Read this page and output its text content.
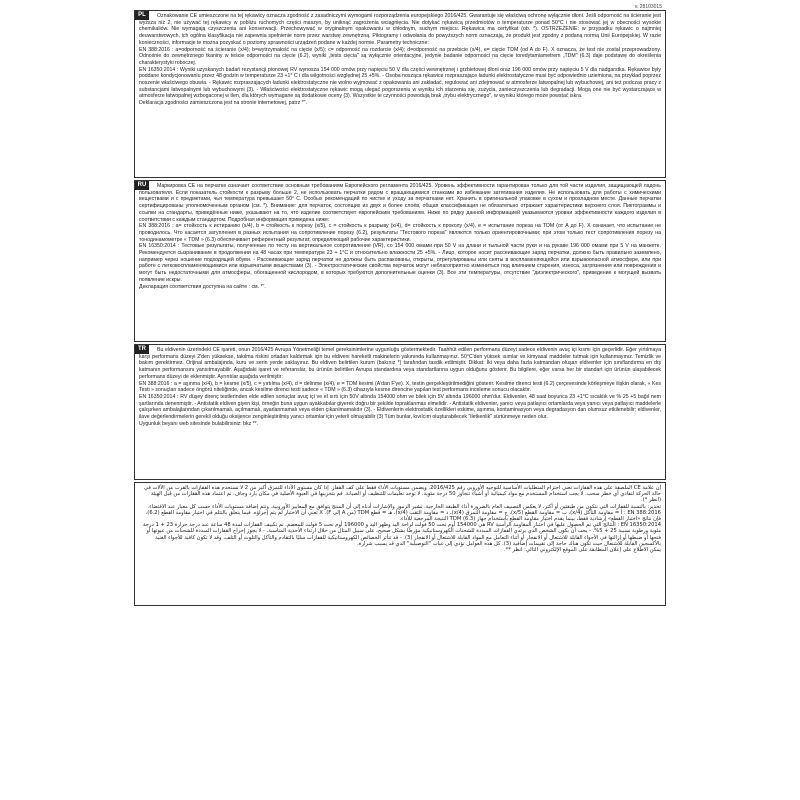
v. 28103015
PL	Oznakowanie CE umieszczone na tej rękawicy oznacza zgodność z zasadniczymi wymogami rozporządzenia europejskiego 2016/425. Gwarantuje się właściwą ochronę wyłącznie dłoni. Jeśli odporność na ścieranie jest wyższa niż 2, nie używać tej rękawicy w pobliżu ruchomych części maszyn, by uniknąć zagrożenia wciągnięcia. Nie dotykać rękawicą przedmiotów o temperaturze ponad 50°C i nie stosować jej w obecności wysokie chemikaliów. Nie wymagają czyszczenia ani konserwacji. Przechowywać w oryginalnym opakowaniu w chłodnym, suchym miejscu. Rękawica ma certyfikat (ob. *). OSTRZEŻENIE: w przypadku rękawic o najmniej deuwarstwowych, ich ogólna klasyfikacja nie zapewnia spełnienie norm przez warstwę zewnętrzną. Piktogramy i odwołania do powyższych norm oznaczają, że produkt jest zgodny z podaną normą Unii Europejskiej. W razie konieczności, informacje te można pozyskać o poziomy sprawności urządzeń podane w każdej normie. Parametry techniczne:

EN 388:2016 : a=odporność na ścieranie (x/4); b=wytrzymałość na cięcie (x/5); c= odporność na rozdarcie (x/4); d=odporność na przebicie (x/4), e= cięcie TDM (od A do F). X oznacza, że test nie został przeprowadzony. Odnośnie do zewnętrznego tkaniny w teście odporności na cięcie (6.2), wyniki „tests cięcia" są wyłącznie orientacyjne, jedynie badanie odporności na cięcie toredytamiametrem „TDM" (6.3) daje podstawę do określenia charakterystyki roboczej.

EN 16350:2014 : Wyniki uzyskanych badań rezystancji pionowej RV wynosza 154 000 omów przy napięciu 50 V dla części wewnętrznej i grzbietowej dłoni oraz 196 000 omów przy napięciu 5 V dla nadgarstka. Rękawice były poddane kondycjonowaniu przez 48 godzin w temperaturze 23 +1° C i dla wilgotności względnej 25 +5%. - Osoba nosząca rękawice rozpraszające ładunki elektrostatyczne musi być odpowiednio uziemiona, na przykład poprzez noszenie właściwego obuwia. - Rękawic rozpraszających ładunki elektrostatyczne nie wolno wyjmować z opakowania ani zakładać, regulować ani zdejmować w atmosferze łatwopalnej lub wybuchowej, ani też podczas pracy z substancjami łatwopalnymi lub wybuchowymi (3). - Właściwości elektrostatyczne rękawic mogą ulegać pogorszeniu w wyniku ich starzenia się, zużycia, zanieczyszczenia lub degradacji. Mogą one nie być wystarczające w atmosferze łatwopalnej wzbogaconej w tlen, dla których wymagane są dodatkowe oceny (3). Wszystkie te czynności powodują brak „trybu elektrycznego", w wyniku którego może powstać iskra.

Deklaracja zgodności zamieszczona jest na stronie internetowej, patrz *".

RU	Маркировка СЕ на перчатке означает соответствие основным требованиям Европейского регламента 2016/425. Уровень эффективности гарантирован только для той части изделия, защищающей ладонь пользователя. Если показатель стойкости к разрыву больше 2, не использовать перчатки рядом с вращающимися станками во избежание затягивания изделия. Не использовать для работы с химическими веществами и с предметами, чья температура превышает 50° С. Особых рекомендаций по чистке и уходу за перчатками нет. Хранить в оригинальной упаковке в сухом и прохладном месте. Данные перчатки сертифицированы уполномоченным органом (см. *). Внимание: для перчаток, состоящих из двух и более слоёв, общая классификация не обязательно отражает характеристики верхнего слоя. Пиктограммы и ссылки на стандарты, приведённые ниже, указывают на то, что изделие соответствует европейским требованиям. Ниже по рядку данной информацией указываются уровни эффективности каждого изделия в соответствии с каждым стандартом. Подробная информация приведена ниже:

EN 388:2016 : a= стойкость к истиранию (x/4), b = стойкость к порезу (x/5), c = стойкость к разрыву (x/4), d= стойкость к проколу (x/4), e = испытание пореза на TDM (от A до F). X означает, что испытание не проводилось. Что касается затупления в разных испытания на сопротивление порезу (6.2), результаты "Тестового пореза" являются только ориентировочными; при этом только тест сопротивления порезу на тонодинамометре « TDM » (6.3) обеспечивает референтный результат, определяющий рабочие характеристики.

EN 16350:2014 : Тестовые результаты, полученные по тесту на вертикальное сопротивление (VR), со 154 000 омами при 50 V на длани и тыльной части руки и на рукаве 196 000 омами при 5 V на манжете. Рекомендуется сызранивание в продолжении на 48 часах при температуре 23 + 1°С и относительно влажности 25 +5%. - Лицо, которое носит рассеивающие заряд перчатки, должно быть правильно заземлено, например через ношение подходящей обуви. - Рассеивающие заряд перчатки не должны быть распакованы, открыты, отрегулированы или сняты в воспламеняющейся или взрывоопасной атмосфере, или при работе с легковоспламеняющимися или взрывчатыми веществами (3). - Электростатические свойства перчаток могут неблагоприятно измениться под влиянием старения, износа, загрязнения или повреждения и могут быть недостаточными для атмосферы, обогащенной кислородом, в которых требуются дополнительные оценки (3). Все эти температуры, отсутствие "диэлектрического", приведение к могущей вызвать появление искры.

Декларация соответствия доступна на сайте : см. *".

TR	Bu eldivenin üzerindeki CE işareti, onun 2016/425 Avrupa Yönetmeliği temel gereksinimlerine uygunluğu göstermektedir. Taahhüt edilen performans düzeyi sadece eldivenin avuç içi kısmı için geçerlidir. Eğer yırtılmaya karşı performans düzeyi 2'den yüksekse, takılma riskini ortadan kaldırmak için bu eldiveni hareketli makinelerin yakınında kullanmayınız. 50°C'den yüksek ısımlar ve kimyasal maddeler tutmak için kullanmayınız. Temizlik ve bakım gerektirmez. Orijinal ambalajında, kuru ve serin yerde saklayınız. Bu eldiven belirtilen kurum (bakınız *) tarafından tasdik edilmiştir. Dikkat: İki veya daha fazla katmandan oluşan eldivenler için sınıflandırma en dış katmanın performansını yansıtmayabilir. Aşağıdaki işaret ve referanslar, bu ürünün belirtilen Avrupa standardına veya standartlarına uygun olduğunu gösterir. Bu bilgilere, eğer varsa her bir standart için ürünün ulaşabilecek performans düzeyi de eklenmiştir. Ayrıntılar aşağıda verilmiştir:

EN 388:2016 : a = aşınma (x/4), b = kesme (x/5), c = yırtılma (x/4), d = delinme (x/4), e = TDM kesimi (A'dan F'ye). X, testin gerçekleştirilmediğini gösterir. Kesilme direnci testi (6.2) çerçevesinde körleşmeye ilişkin olarak, « Kes Testi » sonuçları sadece öngörü niteliğinde, ancak kesilme direnci testi sadece « TDM » (6.3) cihazıyla kesme direncine yapılan test performans inceleme sonucu olacaktır.

EN 16350:2014 : RV düşey direnç testlerinden elde edilen sonuçlar avuç içi ve el sırtı için 50V altında 154000 ohm ve bilek için 5V altında 196000 ohm'dur. Eldivenler, 48 saat boyunca 23 +1°C sıcaklık ve % 25 +5 bağıl nem şartlarında denenmiştir. - Antistatik eldiven giyen kişi, örneğin buna uygun ayakkabılar giyerek doğru bir şekilde topraklanmas elmelidir. - Antistatik eldivenler, yanıcı veya patlayıcı ortamlarda veya yanıcı veya patlayıcı maddelerle çalışırken ambalajlarından çıkarılmamalı, açılmamalı, ayarlanmamalı veya elden çıkarılmamalıdır (3). - Eldivenlerin elektrostatik özellikleri eskime, aşınma, kontaminasyon veya degradasyon dan olumsuz etkilenebilir; eldivenler, ilave değerlendirmelerin gerekli olduğu oksijence zenginleştirilmiş yanıcı ortamlar için yeterli olmayabilir (3) Tüm bunlar, kıvılcım oluşturabilecek "iletkenlik" sürtünmeye neden olur.

Uygunluk beyanı web sitesinde bulabilirsiniz: bkz **.

إن علامة CE الملصقة على هذه القفازات تعني احترام المتطلبات الأساسية للتوجيه الأوروبي رقم 2016/425. ويضمن مستويات الأداء فقط على كف القفاز. إذا كان مستوى الأداء للتمزق أكبر من 2 لا تستخدم هذه القفازات بالقرب من الآلات في حالة الحركة لتفادي أي خطر سحب. لا يجب استخدام المستخدم مع مواد كيميائية أو أشياء تتجاوز 50 درجة مئوية. لا توجد تعليمات للتنظيف أو الصيانة. قم بتخزينها في العبوة الأصلية في مكان بارد وجاف. تم اعتماد هذه القفازات من قبل الهيئة (انظر *).

تحذير: بالنسبة للقفازات التي تتكون من طبقتين أو أكثر، لا يعكس التصنيف العام بالضرورة أداء الطبقة الخارجية. تشير الرموز والإشارات أدناه إلى أن المنتج يتوافق مع المعايير الأوروبية. وتتم إضافة مستويات الأداء حسب كل معيار عند الاقتضاء.

EN 388:2016 : أ = مقاومة التآكل (4/x)، ب = مقاومة القطع (5/x)، ج = مقاومة التمزق (4/x)، د = مقاومة الثقب (4/x)، هـ = قطع TDM (من A إلى F). X تعني أن الاختبار لم يتم إجراؤه. فيما يتعلق بالتثلم في اختبار مقاومة القطع (6.2)، فإن نتائج «اختبار القطع» إرشادية فقط، بينما يقدم اختبار مقاومة القطع باستخدام جهاز TDM (6.3) النتيجة المرجعية للأداء.

EN 16350:2014 : النتائج التي تم الحصول عليها في اختبار المقاومة الرأسية RV هي 154000 أوم تحت 50 فولت لراحة اليد وظهر اليد و 196000 أوم تحت 5 فولت للمعصم. تم تكييف القفازات لمدة 48 ساعة عند درجة حرارة 23 + 1 درجة مئوية ورطوبة نسبية 25 + 5%. - يجب أن يكون الشخص الذي يرتدي القفازات المبددة للشحنات الكهروستاتيكية مؤرضًا بشكل صحيح، على سبيل المثال من خلال ارتداء الأحذية المناسبة. - لا يجوز إخراج القفازات المبددة للشحنات من عبوتها أو فتحها أو ضبطها أو إزالتها في الأجواء القابلة للاشتعال أو الانفجار أو أثناء التعامل مع المواد القابلة للاشتعال أو الانفجار (3). - قد تتأثر الخصائص الكهروستاتيكية للقفازات سلبًا بالتقادم والتآكل والتلوث أو التلف، وقد لا تكون كافية للأجواء الغنية بالأكسجين القابلة للاشتعال حيث تكون هناك حاجة إلى تقييمات إضافية (3). كل هذه العوامل تؤدي إلى غياب "التوصيلية" الذي قد يسبب شرارة.

يمكن الاطلاع على إعلان المطابقة على الموقع الإلكتروني التالي: انظر **.
